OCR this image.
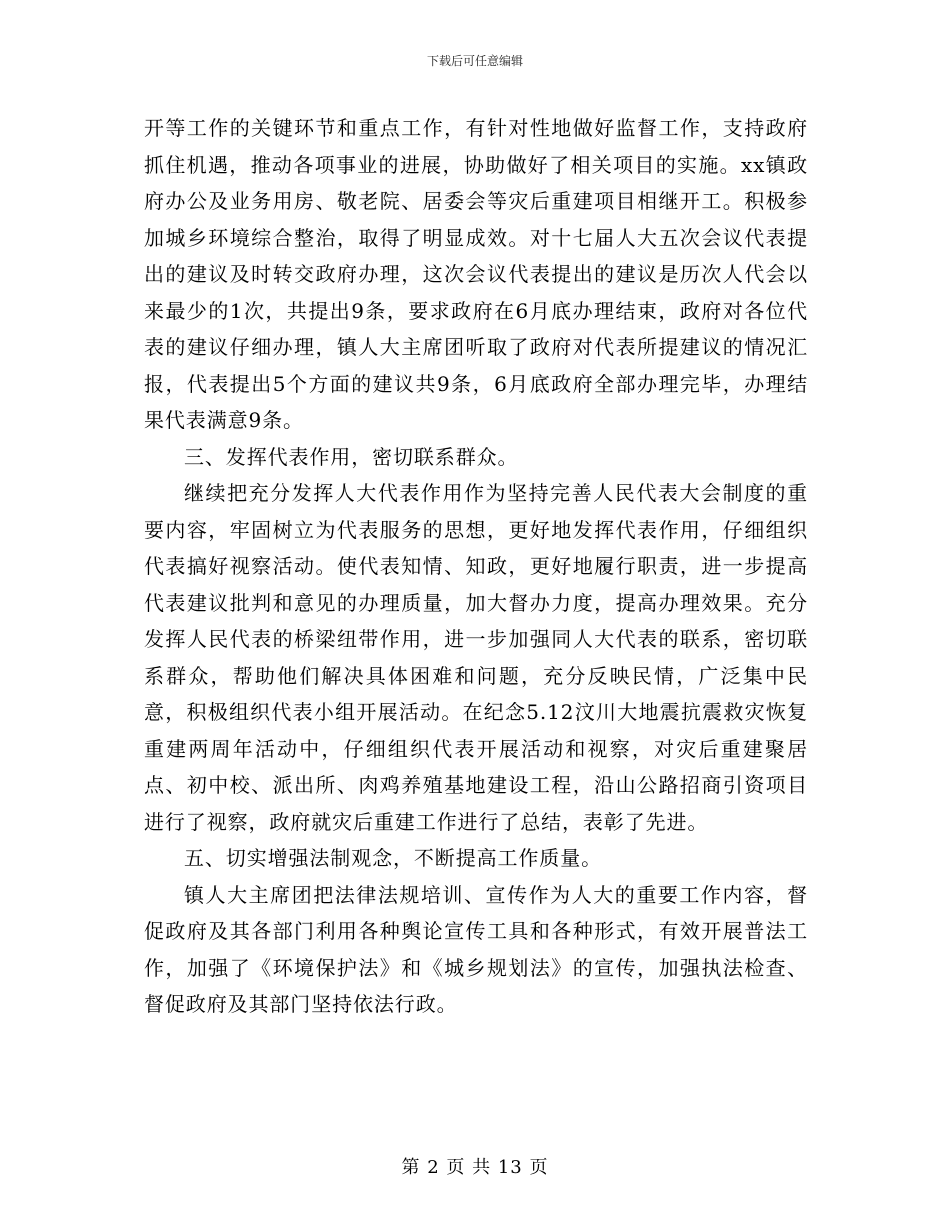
下载后可任意编辑

开等工作的关键环节和重点工作，有针对性地做好监督工作，支持政府抓住机遇，推动各项事业的进展，协助做好了相关项目的实施。xx镇政府办公及业务用房、敬老院、居委会等灾后重建项目相继开工。积极参加城乡环境综合整治，取得了明显成效。对十七届人大五次会议代表提出的建议及时转交政府办理，这次会议代表提出的建议是历次人代会以来最少的1次，共提出9条，要求政府在6月底办理结束，政府对各位代表的建议仔细办理，镇人大主席团听取了政府对代表所提建议的情况汇报，代表提出5个方面的建议共9条，6月底政府全部办理完毕，办理结果代表满意9条。

三、发挥代表作用，密切联系群众。

继续把充分发挥人大代表作用作为坚持完善人民代表大会制度的重要内容，牢固树立为代表服务的思想，更好地发挥代表作用，仔细组织代表搞好视察活动。使代表知情、知政，更好地履行职责，进一步提高代表建议批判和意见的办理质量，加大督办力度，提高办理效果。充分发挥人民代表的桥梁纽带作用，进一步加强同人大代表的联系，密切联系群众，帮助他们解决具体困难和问题，充分反映民情，广泛集中民意，积极组织代表小组开展活动。在纪念5.12汶川大地震抗震救灾恢复重建两周年活动中，仔细组织代表开展活动和视察，对灾后重建聚居点、初中校、派出所、肉鸡养殖基地建设工程，沿山公路招商引资项目进行了视察，政府就灾后重建工作进行了总结，表彰了先进。

五、切实增强法制观念，不断提高工作质量。

镇人大主席团把法律法规培训、宣传作为人大的重要工作内容，督促政府及其各部门利用各种舆论宣传工具和各种形式，有效开展普法工作，加强了《环境保护法》和《城乡规划法》的宣传，加强执法检查、督促政府及其部门坚持依法行政。

第 2 页 共 13 页
